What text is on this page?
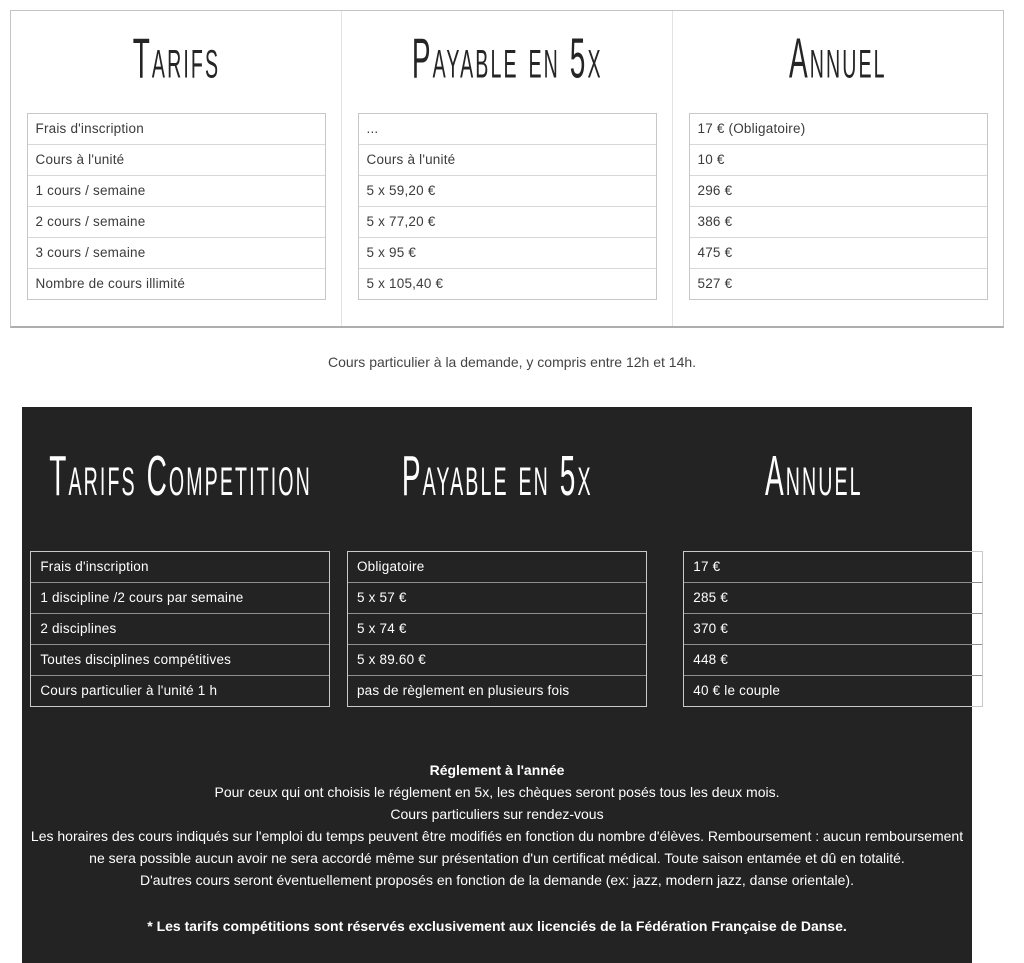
Tarifs
Frais d'inscription
Cours à l'unité
1 cours / semaine
2 cours / semaine
3 cours / semaine
Nombre de cours illimité
Payable en 5x
...
Cours à l'unité
5 x 59,20 €
5 x 77,20 €
5 x 95 €
5 x 105,40 €
Annuel
17 € (Obligatoire)
10 €
296 €
386 €
475 €
527 €
Cours particulier à la demande, y compris entre 12h et 14h.
Tarifs Competition
Frais d'inscription
1 discipline /2 cours par semaine
2 disciplines
Toutes disciplines compétitives
Cours particulier à l'unité 1 h
Payable en 5x
Obligatoire
5 x 57 €
5 x 74 €
5 x 89.60 €
pas de règlement en plusieurs fois
Annuel
17 €
285 €
370 €
448 €
40 € le couple

Réglement à l'année

Pour ceux qui ont choisis le réglement en 5x, les chèques seront posés tous les deux mois.

Cours particuliers sur rendez-vous

Les horaires des cours indiqués sur l'emploi du temps peuvent être modifiés en fonction du nombre d'élèves. Remboursement : aucun remboursement ne sera possible aucun avoir ne sera accordé même sur présentation d'un certificat médical. Toute saison entamée et dû en totalité.

D'autres cours seront éventuellement proposés en fonction de la demande (ex: jazz, modern jazz, danse orientale).

* Les tarifs compétitions sont réservés exclusivement aux licenciés de la Fédération Française de Danse.
